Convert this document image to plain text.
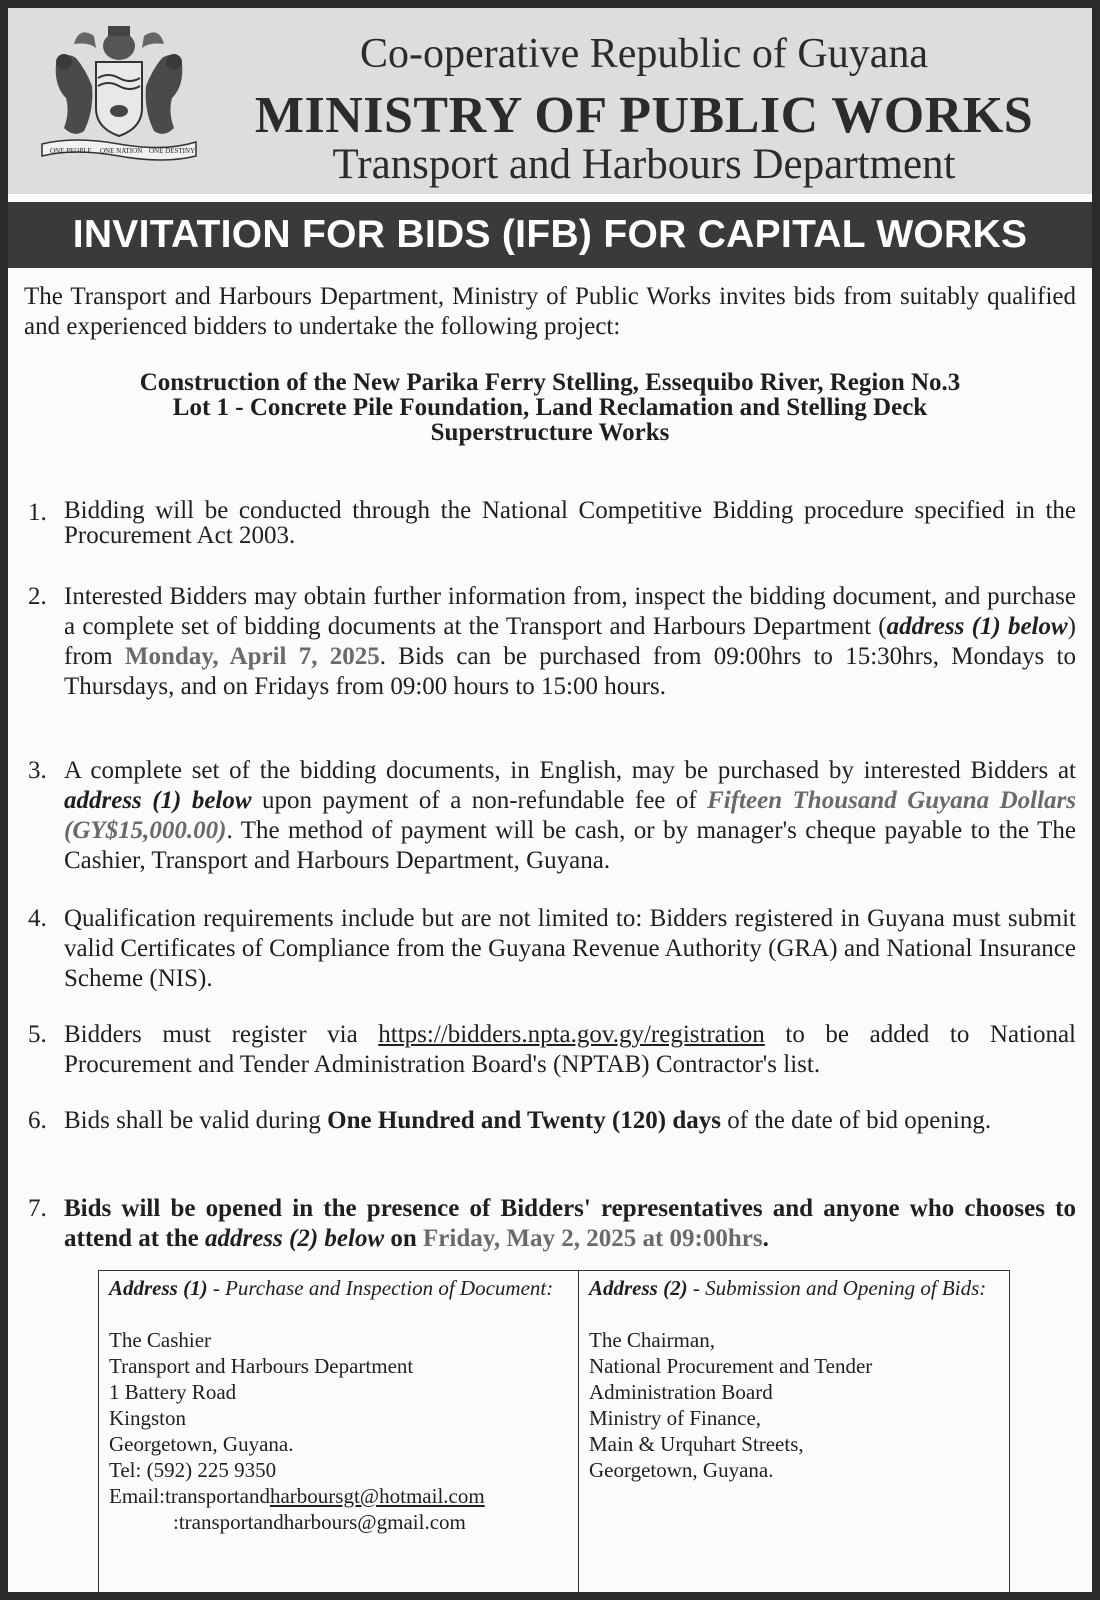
ONE PEOPLE ONE NATION ONE DESTINY
Co-operative Republic of Guyana
MINISTRY OF PUBLIC WORKS
Transport and Harbours Department
INVITATION FOR BIDS (IFB) FOR CAPITAL WORKS
The Transport and Harbours Department, Ministry of Public Works invites bids from suitably qualified and experienced bidders to undertake the following project:
Construction of the New Parika Ferry Stelling, Essequibo River, Region No.3
Lot 1 - Concrete Pile Foundation, Land Reclamation and Stelling Deck
Superstructure Works
1. Bidding will be conducted through the National Competitive Bidding procedure specified in the Procurement Act 2003.
2. Interested Bidders may obtain further information from, inspect the bidding document, and purchase a complete set of bidding documents at the Transport and Harbours Department (address (1) below) from Monday, April 7, 2025. Bids can be purchased from 09:00hrs to 15:30hrs, Mondays to Thursdays, and on Fridays from 09:00 hours to 15:00 hours.
3. A complete set of the bidding documents, in English, may be purchased by interested Bidders at address (1) below upon payment of a non-refundable fee of Fifteen Thousand Guyana Dollars (GY$15,000.00). The method of payment will be cash, or by manager's cheque payable to the The Cashier, Transport and Harbours Department, Guyana.
4. Qualification requirements include but are not limited to: Bidders registered in Guyana must submit valid Certificates of Compliance from the Guyana Revenue Authority (GRA) and National Insurance Scheme (NIS).
5. Bidders must register via https://bidders.npta.gov.gy/registration to be added to National Procurement and Tender Administration Board's (NPTAB) Contractor's list.
6. Bids shall be valid during One Hundred and Twenty (120) days of the date of bid opening.
7. Bids will be opened in the presence of Bidders' representatives and anyone who chooses to attend at the address (2) below on Friday, May 2, 2025 at 09:00hrs.
Address (1) - Purchase and Inspection of Document:
The Cashier
Transport and Harbours Department
1 Battery Road
Kingston
Georgetown, Guyana.
Tel: (592) 225 9350
Email:transportandharboursgt@hotmail.com
:transportandharbours@gmail.com
Address (2) - Submission and Opening of Bids:
The Chairman,
National Procurement and Tender
Administration Board
Ministry of Finance,
Main & Urquhart Streets,
Georgetown, Guyana.
